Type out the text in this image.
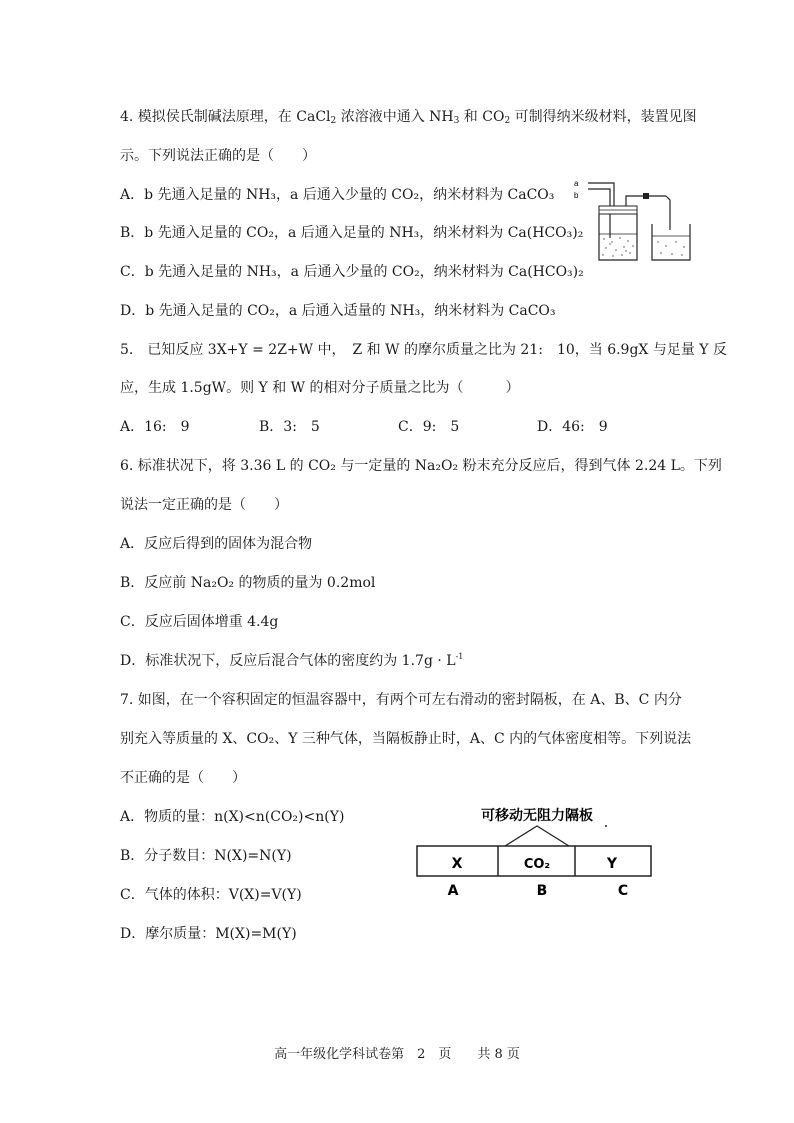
4. 模拟侯氏制碱法原理，在 CaCl$_2$ 浓溶液中通入 $NH_3$ 和 $CO_2$ 可制得纳米级材料，装置见图
示。下列说法正确的是（　　）
A．b 先通入足量的 NH₃，a 后通入少量的 CO₂，纳米材料为 CaCO₃
B．b 先通入足量的 CO₂，a 后通入足量的 NH₃，纳米材料为 Ca(HCO₃)₂
C．b 先通入足量的 NH₃，a 后通入少量的 CO₂，纳米材料为 Ca(HCO₃)₂
D．b 先通入足量的 CO₂，a 后通入适量的 NH₃，纳米材料为 CaCO₃
a
b
5.　已知反应 3X+Y = 2Z+W 中，　Z 和 W 的摩尔质量之比为 21:　10，当 6.9gX 与足量 Y 反
应，生成 1.5gW。则 Y 和 W 的相对分子质量之比为（　　　）
A．16:　9	B．3:　5	C．9:　5	D．46:　9
6. 标准状况下，将 3.36 L 的 CO₂ 与一定量的 Na₂O₂ 粉末充分反应后，得到气体 2.24 L。下列
说法一定正确的是（　　）
A．反应后得到的固体为混合物
B．反应前 Na₂O₂ 的物质的量为 0.2mol
C．反应后固体增重 4.4g
D．标准状况下，反应后混合气体的密度约为 $1.7g \cdot L^{-1}$
7. 如图，在一个容积固定的恒温容器中，有两个可左右滑动的密封隔板，在 A、B、C 内分
别充入等质量的 X、CO₂、Y 三种气体，当隔板静止时，A、C 内的气体密度相等。下列说法
不正确的是（　　）
A．物质的量：n(X)<n(CO₂)<n(Y)
B．分子数目：N(X)=N(Y)
C．气体的体积：V(X)=V(Y)
D．摩尔质量：M(X)=M(Y)
可移动无阻力隔板
X	CO₂	Y
A	B	C
高一年级化学科试卷第　2　页　　共 8 页
